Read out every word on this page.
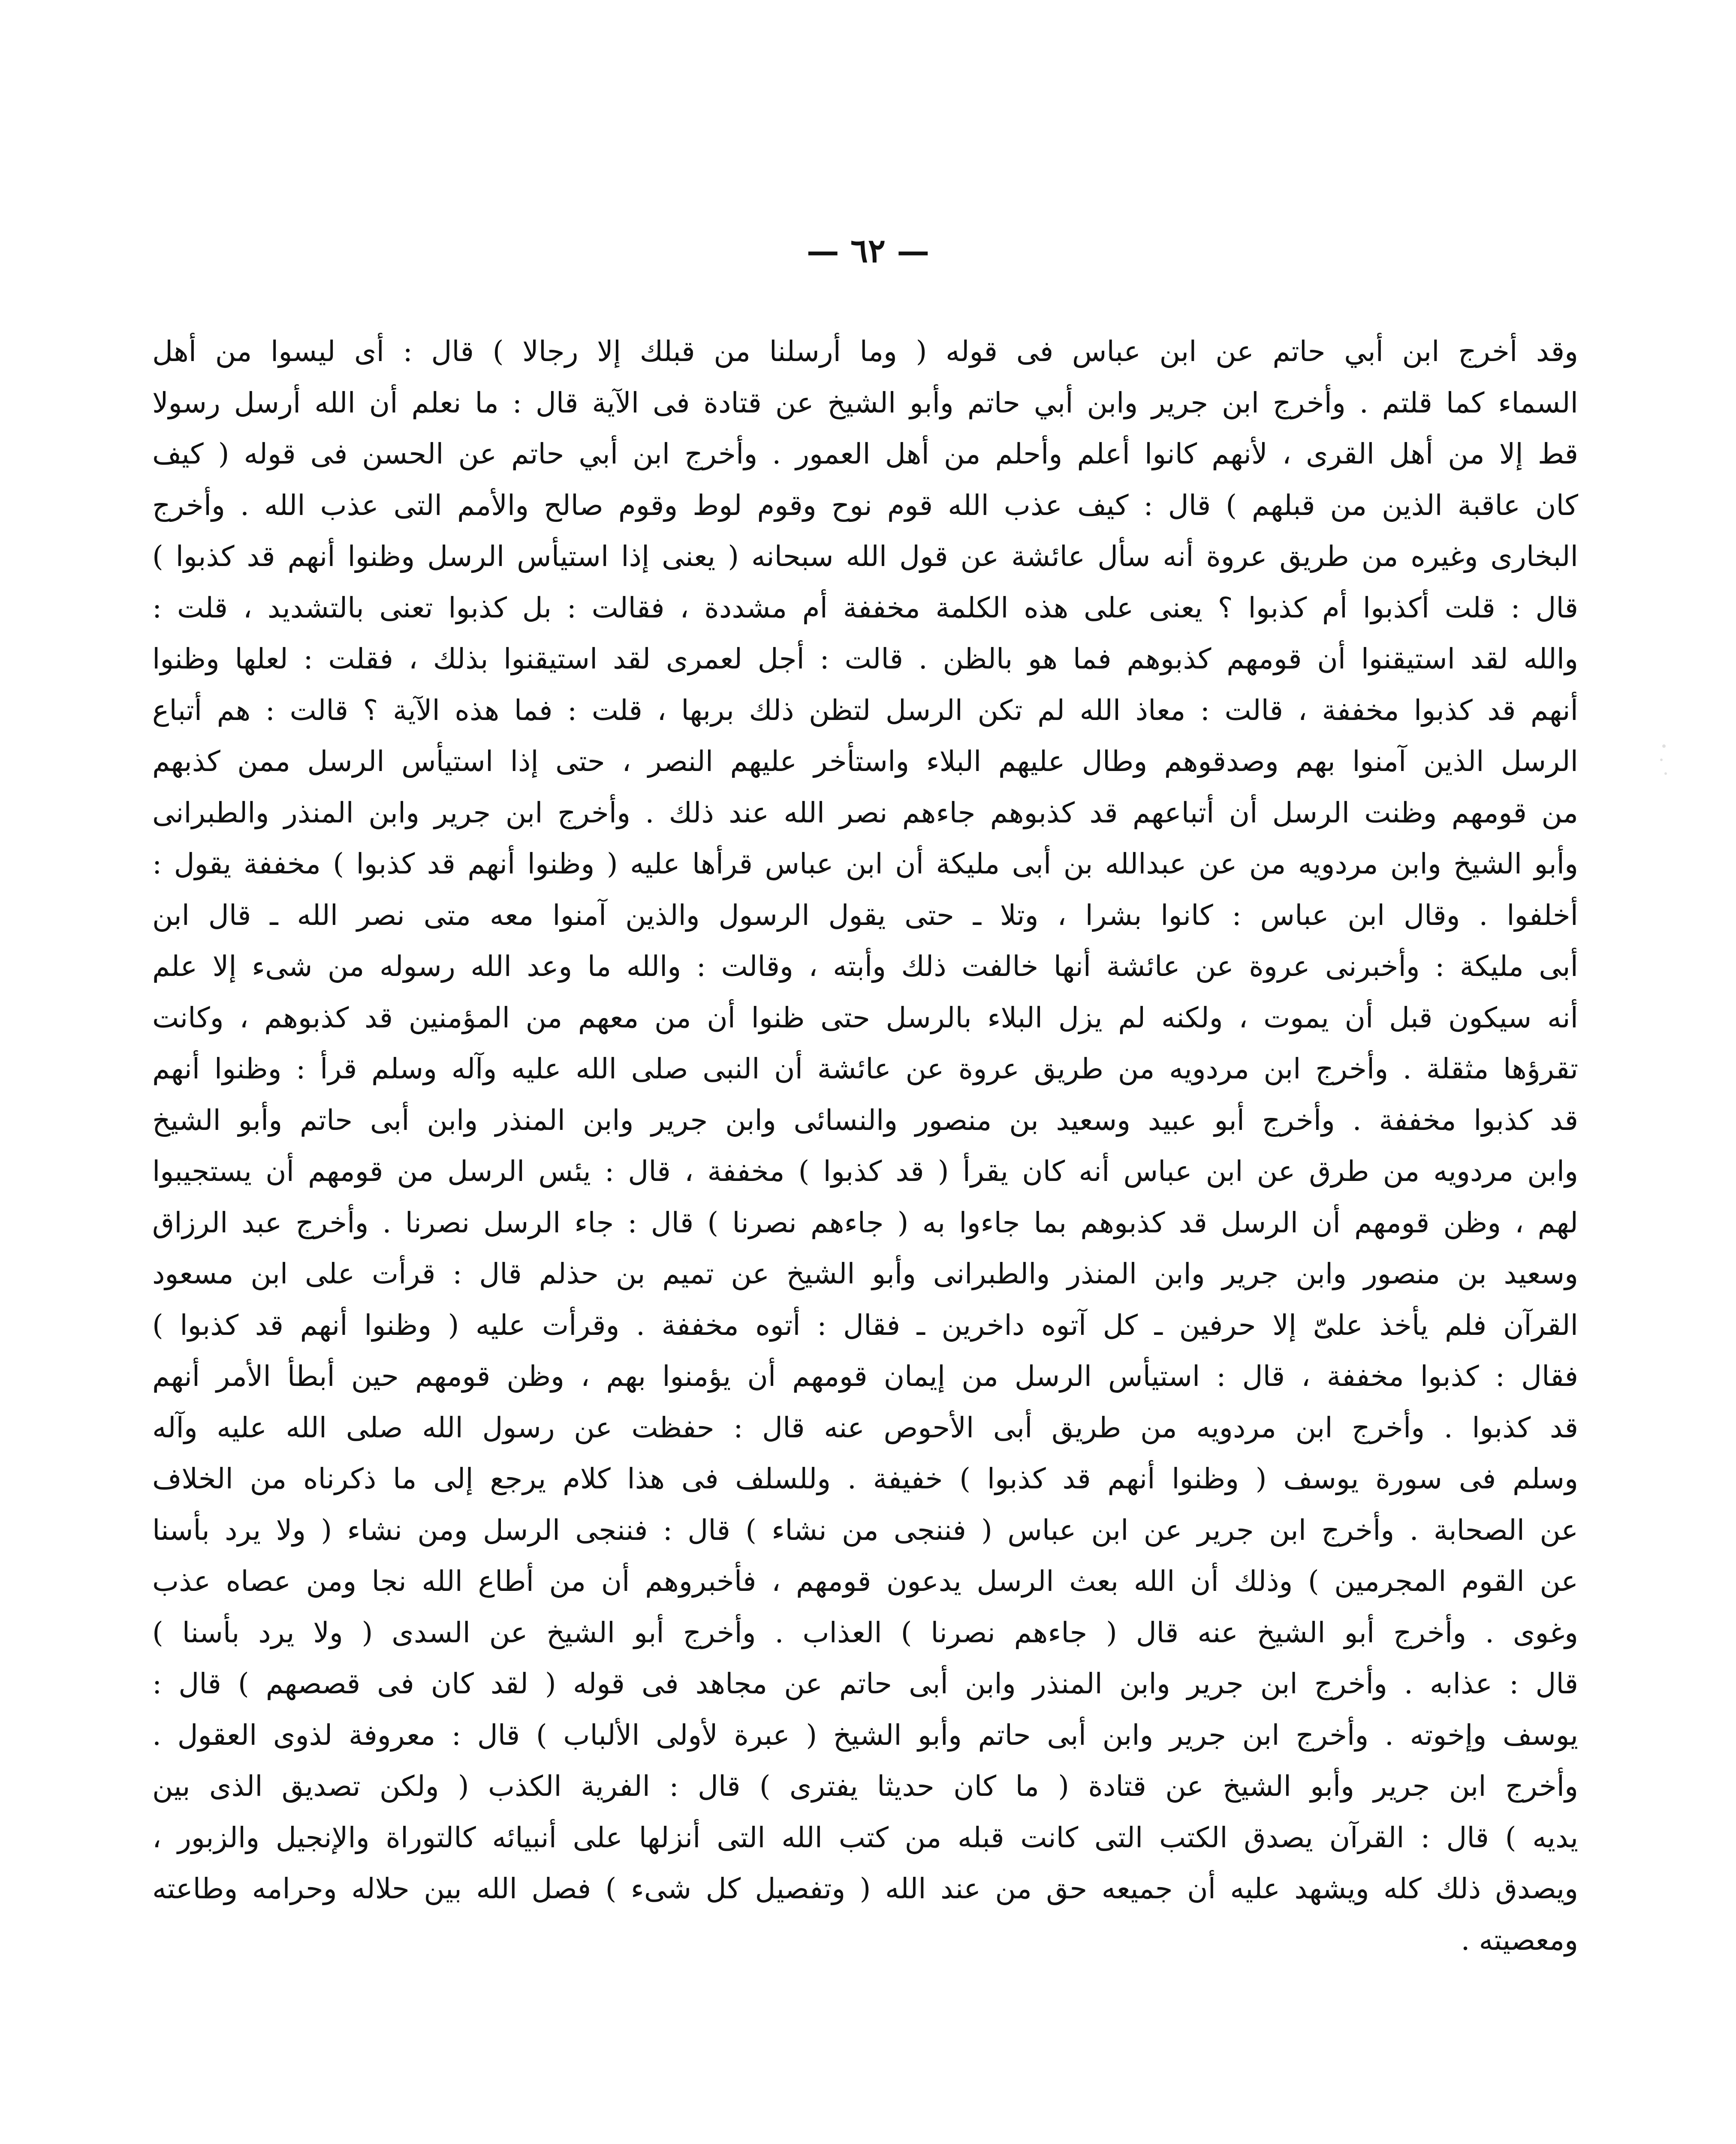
— ٦٢ —
وقد أخرج ابن أبي حاتم عن ابن عباس فى قوله ( وما أرسلنا من قبلك إلا رجالا ) قال : أى ليسوا من أهل
السماء كما قلتم . وأخرج ابن جرير وابن أبي حاتم وأبو الشيخ عن قتادة فى الآية قال : ما نعلم أن الله أرسل رسولا
قط إلا من أهل القرى ، لأنهم كانوا أعلم وأحلم من أهل العمور . وأخرج ابن أبي حاتم عن الحسن فى قوله ( كيف
كان عاقبة الذين من قبلهم ) قال : كيف عذب الله قوم نوح وقوم لوط وقوم صالح والأمم التى عذب الله . وأخرج
البخارى وغيره من طريق عروة أنه سأل عائشة عن قول الله سبحانه ( يعنى إذا استيأس الرسل وظنوا أنهم قد كذبوا )
قال : قلت أكذبوا أم كذبوا ؟ يعنى على هذه الكلمة مخففة أم مشددة ، فقالت : بل كذبوا تعنى بالتشديد ، قلت :
والله لقد استيقنوا أن قومهم كذبوهم فما هو بالظن . قالت : أجل لعمرى لقد استيقنوا بذلك ، فقلت : لعلها وظنوا
أنهم قد كذبوا مخففة ، قالت : معاذ الله لم تكن الرسل لتظن ذلك بربها ، قلت : فما هذه الآية ؟ قالت : هم أتباع
الرسل الذين آمنوا بهم وصدقوهم وطال عليهم البلاء واستأخر عليهم النصر ، حتى إذا استيأس الرسل ممن كذبهم
من قومهم وظنت الرسل أن أتباعهم قد كذبوهم جاءهم نصر الله عند ذلك . وأخرج ابن جرير وابن المنذر والطبرانى
وأبو الشيخ وابن مردويه من عن عبدالله بن أبى مليكة أن ابن عباس قرأها عليه ( وظنوا أنهم قد كذبوا ) مخففة يقول :
أخلفوا . وقال ابن عباس : كانوا بشرا ، وتلا ـ حتى يقول الرسول والذين آمنوا معه متى نصر الله ـ قال ابن
أبى مليكة : وأخبرنى عروة عن عائشة أنها خالفت ذلك وأبته ، وقالت : والله ما وعد الله رسوله من شىء إلا علم
أنه سيكون قبل أن يموت ، ولكنه لم يزل البلاء بالرسل حتى ظنوا أن من معهم من المؤمنين قد كذبوهم ، وكانت
تقرؤها مثقلة . وأخرج ابن مردويه من طريق عروة عن عائشة أن النبى صلى الله عليه وآله وسلم قرأ : وظنوا أنهم
قد كذبوا مخففة . وأخرج أبو عبيد وسعيد بن منصور والنسائى وابن جرير وابن المنذر وابن أبى حاتم وأبو الشيخ
وابن مردويه من طرق عن ابن عباس أنه كان يقرأ ( قد كذبوا ) مخففة ، قال : يئس الرسل من قومهم أن يستجيبوا
لهم ، وظن قومهم أن الرسل قد كذبوهم بما جاءوا به ( جاءهم نصرنا ) قال : جاء الرسل نصرنا . وأخرج عبد الرزاق
وسعيد بن منصور وابن جرير وابن المنذر والطبرانى وأبو الشيخ عن تميم بن حذلم قال : قرأت على ابن مسعود
القرآن فلم يأخذ علىّ إلا حرفين ـ كل آتوه داخرين ـ فقال : أتوه مخففة . وقرأت عليه ( وظنوا أنهم قد كذبوا )
فقال : كذبوا مخففة ، قال : استيأس الرسل من إيمان قومهم أن يؤمنوا بهم ، وظن قومهم حين أبطأ الأمر أنهم
قد كذبوا . وأخرج ابن مردويه من طريق أبى الأحوص عنه قال : حفظت عن رسول الله صلى الله عليه وآله
وسلم فى سورة يوسف ( وظنوا أنهم قد كذبوا ) خفيفة . وللسلف فى هذا كلام يرجع إلى ما ذكرناه من الخلاف
عن الصحابة . وأخرج ابن جرير عن ابن عباس ( فننجى من نشاء ) قال : فننجى الرسل ومن نشاء ( ولا يرد بأسنا
عن القوم المجرمين ) وذلك أن الله بعث الرسل يدعون قومهم ، فأخبروهم أن من أطاع الله نجا ومن عصاه عذب
وغوى . وأخرج أبو الشيخ عنه قال ( جاءهم نصرنا ) العذاب . وأخرج أبو الشيخ عن السدى ( ولا يرد بأسنا )
قال : عذابه . وأخرج ابن جرير وابن المنذر وابن أبى حاتم عن مجاهد فى قوله ( لقد كان فى قصصهم ) قال :
يوسف وإخوته . وأخرج ابن جرير وابن أبى حاتم وأبو الشيخ ( عبرة لأولى الألباب ) قال : معروفة لذوى العقول .
وأخرج ابن جرير وأبو الشيخ عن قتادة ( ما كان حديثا يفترى ) قال : الفرية الكذب ( ولكن تصديق الذى بين
يديه ) قال : القرآن يصدق الكتب التى كانت قبله من كتب الله التى أنزلها على أنبيائه كالتوراة والإنجيل والزبور ،
ويصدق ذلك كله ويشهد عليه أن جميعه حق من عند الله ( وتفصيل كل شىء ) فصل الله بين حلاله وحرامه وطاعته
ومعصيته .
